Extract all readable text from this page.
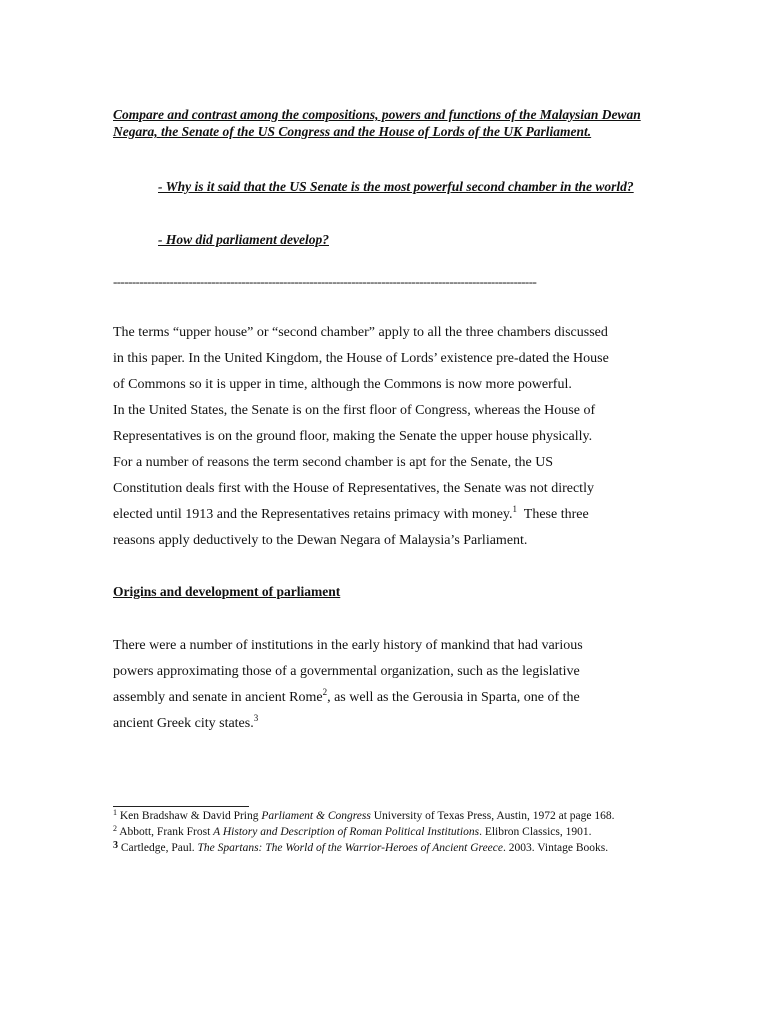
Compare and contrast among the compositions, powers and functions of the Malaysian Dewan Negara, the Senate of the US Congress and the House of Lords of the UK Parliament.

- Why is it said that the US Senate is the most powerful second chamber in the world?

- How did parliament develop?

----------------------------------------------------------------------------------------------------------------
The terms “upper house” or “second chamber” apply to all the three chambers discussed
in this paper. In the United Kingdom, the House of Lords’ existence pre-dated the House
of Commons so it is upper in time, although the Commons is now more powerful.
In the United States, the Senate is on the first floor of Congress, whereas the House of
Representatives is on the ground floor, making the Senate the upper house physically.
For a number of reasons the term second chamber is apt for the Senate, the US
Constitution deals first with the House of Representatives, the Senate was not directly
elected until 1913 and the Representatives retains primacy with money.$^1$  These three
reasons apply deductively to the Dewan Negara of Malaysia’s Parliament.

Origins and development of parliament

There were a number of institutions in the early history of mankind that had various
powers approximating those of a governmental organization, such as the legislative
assembly and senate in ancient Rome$^2$, as well as the Gerousia in Sparta, one of the
ancient Greek city states.$^3$

$^1$ Ken Bradshaw & David Pring Parliament & Congress University of Texas Press, Austin, 1972 at page 168.

$^2$ Abbott, Frank Frost A History and Description of Roman Political Institutions. Elibron Classics, 1901.

$^3$ Cartledge, Paul. The Spartans: The World of the Warrior-Heroes of Ancient Greece. 2003. Vintage Books.
